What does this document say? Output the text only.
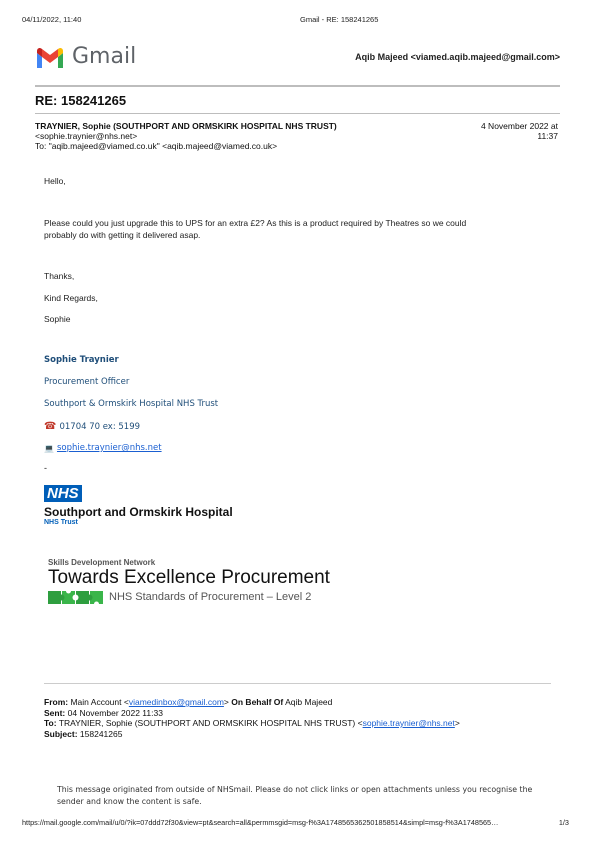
04/11/2022, 11:40	Gmail - RE: 158241265
Gmail	Aqib Majeed <viamed.aqib.majeed@gmail.com>
RE: 158241265
TRAYNIER, Sophie (SOUTHPORT AND ORMSKIRK HOSPITAL NHS TRUST)
<sophie.traynier@nhs.net>
To: "aqib.majeed@viamed.co.uk" <aqib.majeed@viamed.co.uk>
4 November 2022 at
11:37
Hello,
Please could you just upgrade this to UPS for an extra £2? As this is a product required by Theatres so we could
probably do with getting it delivered asap.
Thanks,
Kind Regards,
Sophie
Sophie Traynier
Procurement Officer
Southport & Ormskirk Hospital NHS Trust
☎ 01704 70 ex: 5199
💻 sophie.traynier@nhs.net
-
NHS
Southport and Ormskirk Hospital
NHS Trust
Skills Development Network
Towards Excellence Procurement
NHS Standards of Procurement – Level 2
From: Main Account <viamedinbox@gmail.com> On Behalf Of Aqib Majeed
Sent: 04 November 2022 11:33
To: TRAYNIER, Sophie (SOUTHPORT AND ORMSKIRK HOSPITAL NHS TRUST) <sophie.traynier@nhs.net>
Subject: 158241265
This message originated from outside of NHSmail. Please do not click links or open attachments unless you recognise the
sender and know the content is safe.
https://mail.google.com/mail/u/0/?ik=07ddd72f30&view=pt&search=all&permmsgid=msg-f%3A1748565362501858514&simpl=msg-f%3A1748565…	1/3
